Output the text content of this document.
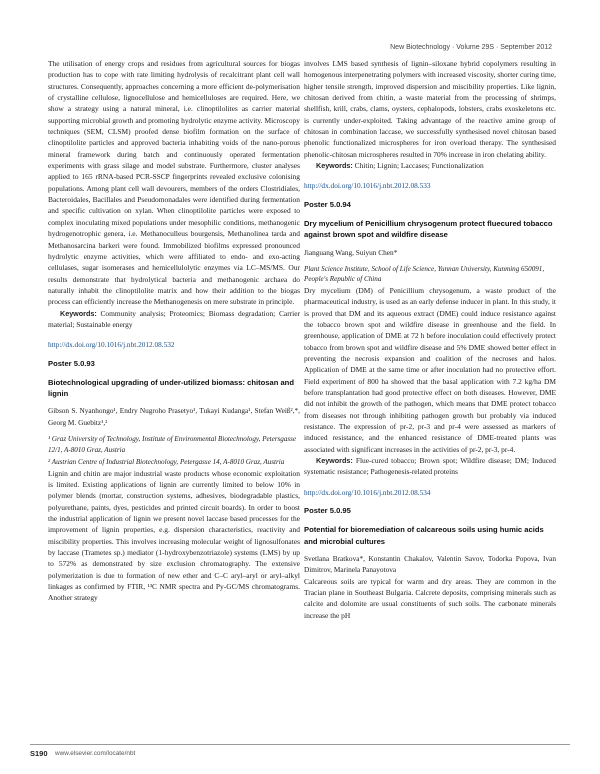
New Biotechnology · Volume 29S · September 2012

The utilisation of energy crops and residues from agricultural sources for biogas production has to cope with rate limiting hydrolysis of recalcitrant plant cell wall structures. Consequently, approaches concerning a more efficient de-polymerisation of crystalline cellulose, lignocellulose and hemicelluloses are required. Here, we show a strategy using a natural mineral, i.e. clinoptilolites as carrier material supporting microbial growth and promoting hydrolytic enzyme activity. Microscopy techniques (SEM, CLSM) proofed dense biofilm formation on the surface of clinoptilolite particles and approved bacteria inhabiting voids of the nano-porous mineral framework during batch and continuously operated fermentation experiments with grass silage and model substrate. Furthermore, cluster analyses applied to 165 rRNA-based PCR-SSCP fingerprints revealed exclusive colonising populations. Among plant cell wall devourers, members of the orders Clostridiales, Bacteroidales, Bacillales and Pseudomonadales were identified during fermentation and specific cultivation on xylan. When clinoptilolite particles were exposed to complex inoculating mixed populations under mesophilic conditions, methanogenic hydrogenotrophic genera, i.e. Methanoculleus bourgensis, Methanolinea tarda and Methanosarcina barkeri were found. Immobilized biofilms expressed pronounced hydrolytic enzyme activities, which were affiliated to endo- and exo-acting cellulases, sugar isomerases and hemicellulolytic enzymes via LC–MS/MS. Our results demonstrate that hydrolytical bacteria and methanogenic archaea do naturally inhabit the clinoptilolite matrix and how their addition to the biogas process can efficiently increase the Methanogenesis on mere substrate in principle.

Keywords: Community analysis; Proteomics; Biomass degradation; Carrier material; Sustainable energy

http://dx.doi.org/10.1016/j.nbt.2012.08.532
Poster 5.0.93
Biotechnological upgrading of under-utilized biomass: chitosan and lignin
Gibson S. Nyanhongo¹, Endry Nugroho Prasetyo¹, Tukayi Kudanga¹, Stefan Weiß²,*, Georg M. Guebitz¹,²
¹ Graz University of Technology, Institute of Environmental Biotechnology, Petersgasse 12/1, A-8010 Graz, Austria
² Austrian Centre of Industrial Biotechnology, Petergasse 14, A-8010 Graz, Austria

Lignin and chitin are major industrial waste products whose economic exploitation is limited. Existing applications of lignin are currently limited to below 10% in polymer blends (mortar, construction systems, adhesives, biodegradable plastics, polyurethane, paints, dyes, pesticides and printed circuit boards). In order to boost the industrial application of lignin we present novel laccase based processes for the improvement of lignin properties, e.g. dispersion characteristics, reactivity and miscibility properties. This involves increasing molecular weight of lignosulfonates by laccase (Trametes sp.) mediator (1-hydroxybenzotriazole) systems (LMS) by up to 572% as demonstrated by size exclusion chromatography. The extensive polymerization is due to formation of new ether and C–C aryl–aryl or aryl–alkyl linkages as confirmed by FTIR, ¹³C NMR spectra and Py-GC/MS chromatograms. Another strategy

involves LMS based synthesis of lignin–siloxane hybrid copolymers resulting in homogenous interpenetrating polymers with increased viscosity, shorter curing time, higher tensile strength, improved dispersion and miscibility properties. Like lignin, chitosan derived from chitin, a waste material from the processing of shrimps, shellfish, krill, crabs, clams, oysters, cephalopods, lobsters, crabs exoskeletons etc. is currently under-exploited. Taking advantage of the reactive amine group of chitosan in combination laccase, we successfully synthesised novel chitosan based phenolic functionalized microspheres for iron overload therapy. The synthesised phenolic-chitosan microspheres resulted in 70% increase in iron chelating ability.

Keywords: Chitin; Lignin; Laccases; Functionalization

http://dx.doi.org/10.1016/j.nbt.2012.08.533
Poster 5.0.94
Dry mycelium of Penicillium chrysogenum protect fluecured tobacco against brown spot and wildfire disease
Jianguang Wang, Suiyun Chen*
Plant Science Institute, School of Life Science, Yunnan University, Kunming 650091, People's Republic of China

Dry mycelium (DM) of Penicillium chrysogenum, a waste product of the pharmaceutical industry, is used as an early defense inducer in plant. In this study, it is proved that DM and its aqueous extract (DME) could induce resistance against the tobacco brown spot and wildfire disease in greenhouse and the field. In greenhouse, application of DME at 72 h before inoculation could effectively protect tobacco from brown spot and wildfire disease and 5% DME showed better effect in preventing the necrosis expansion and coalition of the necroses and halos. Application of DME at the same time or after inoculation had no protective effort. Field experiment of 800 ha showed that the basal application with 7.2 kg/ha DM before transplantation had good protective effect on both diseases. However, DME did not inhibit the growth of the pathogen, which means that DME protect tobacco from diseases not through inhibiting pathogen growth but probably via induced resistance. The expression of pr-2, pr-3 and pr-4 were assessed as markers of induced resistance, and the enhanced resistance of DME-treated plants was associated with significant increases in the activities of pr-2, pr-3, pr-4.

Keywords: Flue-cured tobacco; Brown spot; Wildfire disease; DM; Induced systematic resistance; Pathogenesis-related proteins

http://dx.doi.org/10.1016/j.nbt.2012.08.534
Poster 5.0.95
Potential for bioremediation of calcareous soils using humic acids and microbial cultures
Svetlana Bratkova*, Konstantin Chakalov, Valentin Savov, Todorka Popova, Ivan Dimitrov, Marinela Panayotova

Calcareous soils are typical for warm and dry areas. They are common in the Tracian plane in Southeast Bulgaria. Calcrete deposits, comprising minerals such as calcite and dolomite are usual constituents of such soils. The carbonate minerals increase the pH

S190 www.elsevier.com/locate/nbt
